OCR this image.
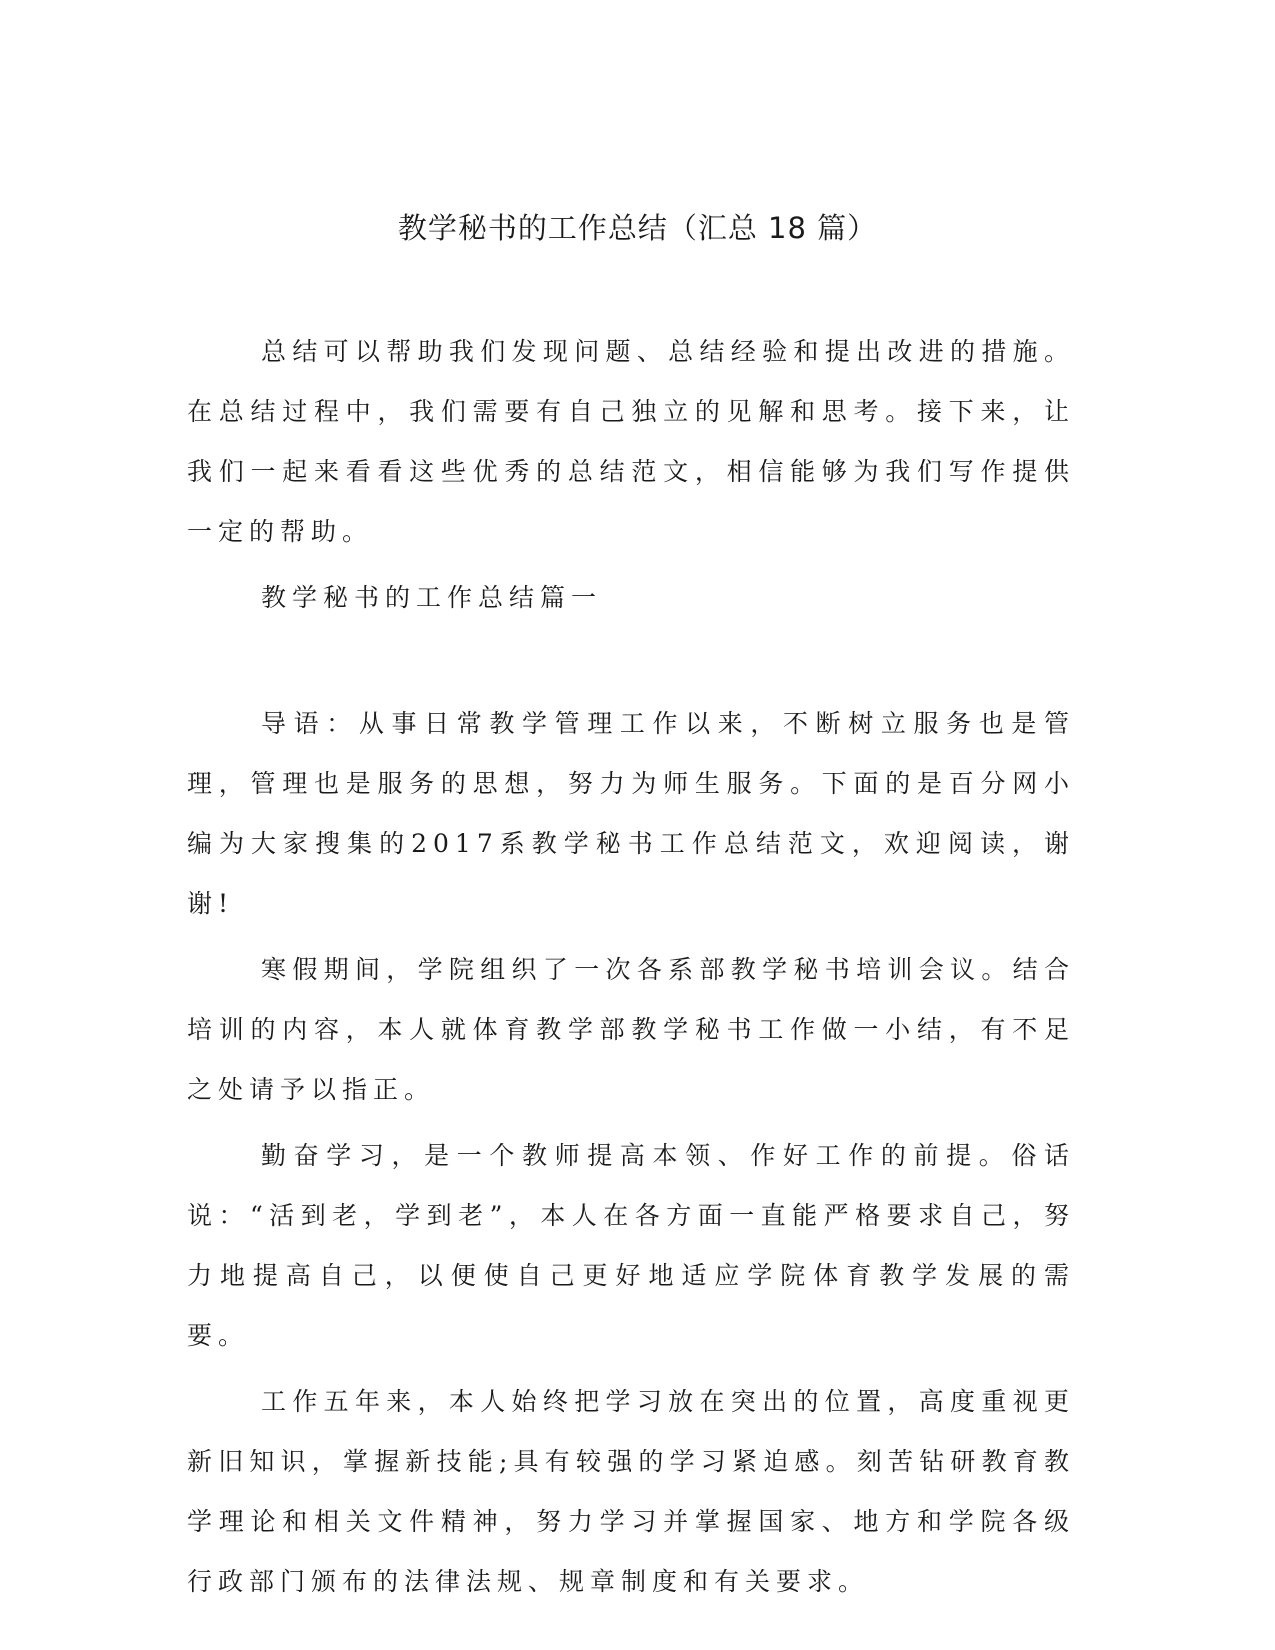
教学秘书的工作总结（汇总 18 篇）

总结可以帮助我们发现问题、总结经验和提出改进的措施。在总结过程中，我们需要有自己独立的见解和思考。接下来，让我们一起来看看这些优秀的总结范文，相信能够为我们写作提供一定的帮助。

教学秘书的工作总结篇一

导语：从事日常教学管理工作以来，不断树立服务也是管理，管理也是服务的思想，努力为师生服务。下面的是百分网小编为大家搜集的2017系教学秘书工作总结范文，欢迎阅读，谢谢!

寒假期间，学院组织了一次各系部教学秘书培训会议。结合培训的内容，本人就体育教学部教学秘书工作做一小结，有不足之处请予以指正。

勤奋学习，是一个教师提高本领、作好工作的前提。俗话说：“活到老，学到老”，本人在各方面一直能严格要求自己，努力地提高自己，以便使自己更好地适应学院体育教学发展的需要。

工作五年来，本人始终把学习放在突出的位置，高度重视更新旧知识，掌握新技能;具有较强的学习紧迫感。刻苦钻研教育教学理论和相关文件精神，努力学习并掌握国家、地方和学院各级行政部门颁布的法律法规、规章制度和有关要求。
